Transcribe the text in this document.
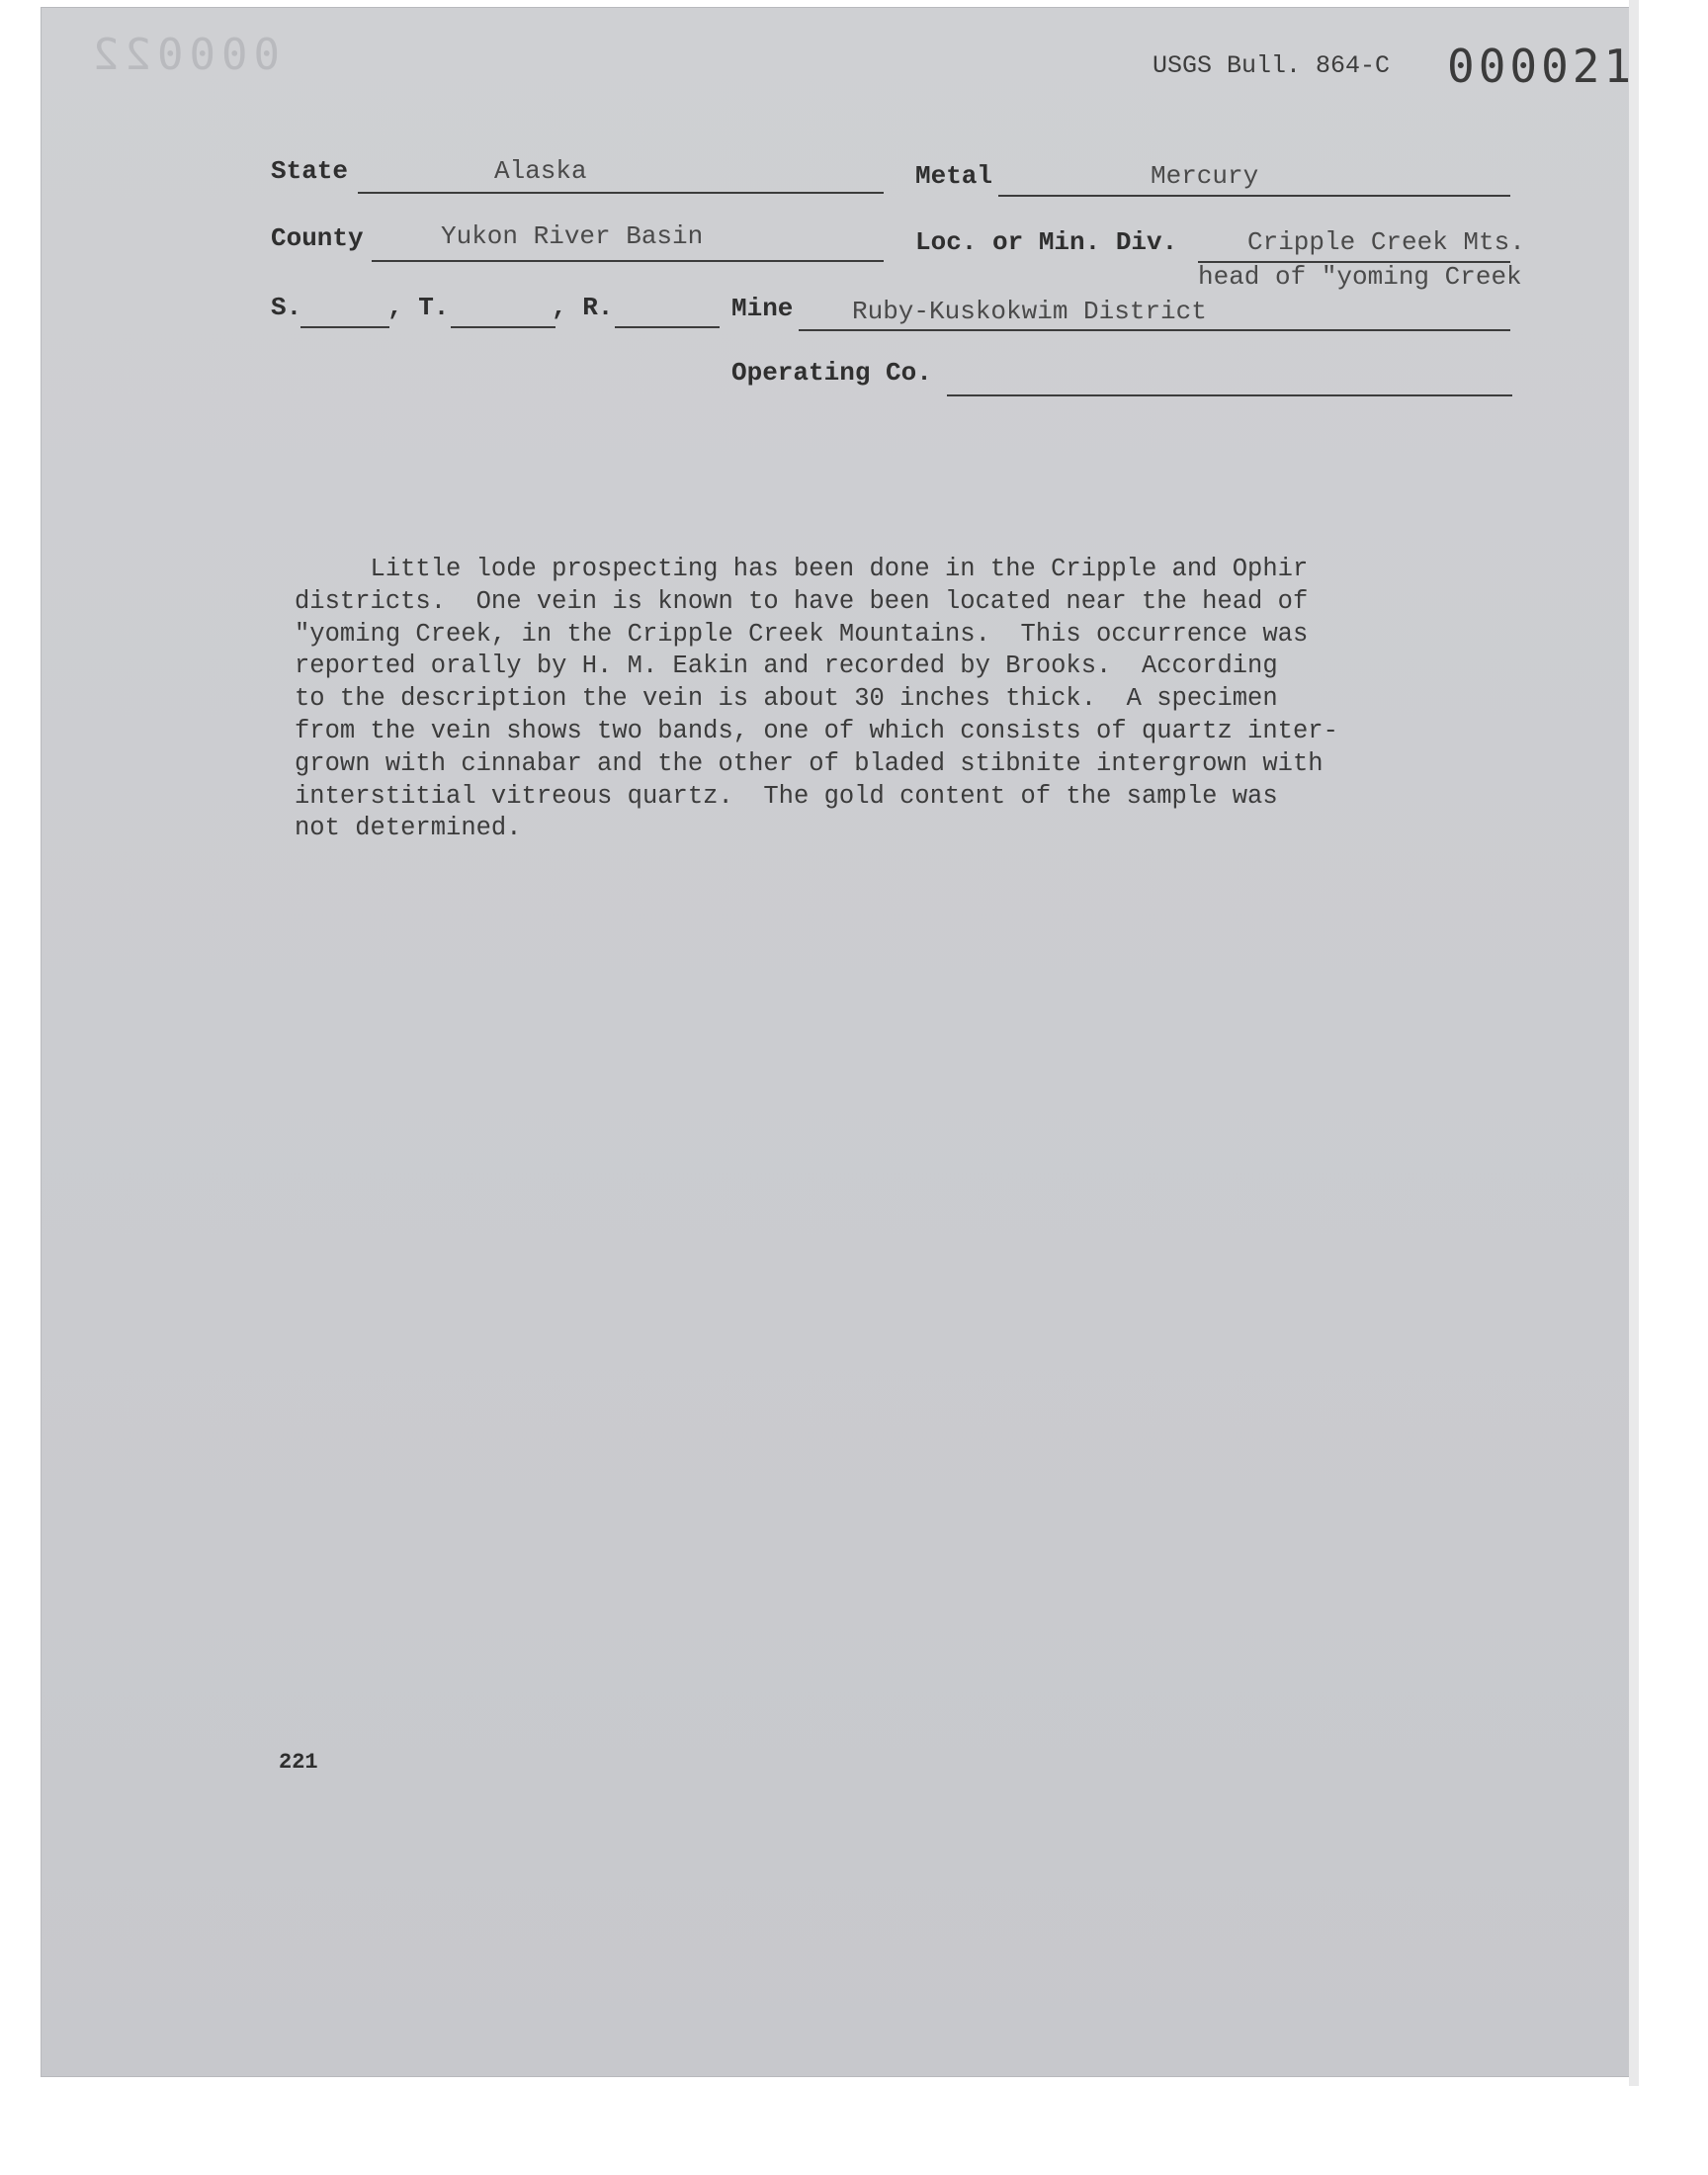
000022	USGS Bull. 864-C 000021
State	Alaska	Metal	Mercury
County	Yukon River Basin	Loc. or Min. Div.	Cripple Creek Mts.
head of "yoming Creek
S.	, T.	, R.	Mine Ruby-Kuskokwim District
Operating Co.
Little lode prospecting has been done in the Cripple and Ophir
districts.  One vein is known to have been located near the head of
"yoming Creek, in the Cripple Creek Mountains.  This occurrence was
reported orally by H. M. Eakin and recorded by Brooks.  According
to the description the vein is about 30 inches thick.  A specimen
from the vein shows two bands, one of which consists of quartz inter-
grown with cinnabar and the other of bladed stibnite intergrown with
interstitial vitreous quartz.  The gold content of the sample was
not determined.
221
